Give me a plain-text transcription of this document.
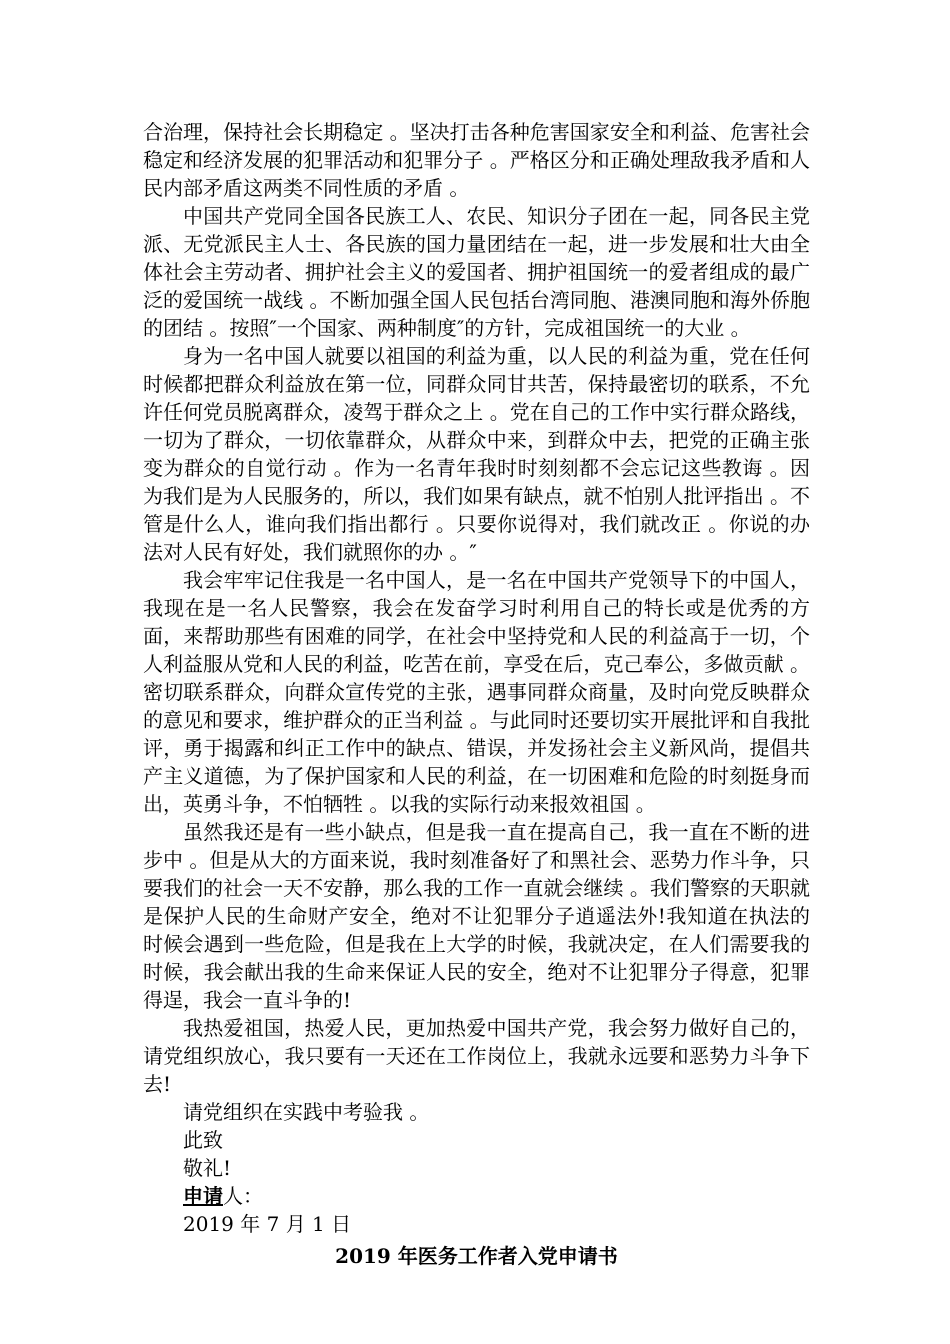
合治理，保持社会长期稳定 。坚决打击各种危害国家安全和利益、危害社会稳定和经济发展的犯罪活动和犯罪分子 。严格区分和正确处理敌我矛盾和人民内部矛盾这两类不同性质的矛盾 。

中国共产党同全国各民族工人、农民、知识分子团在一起，同各民主党派、无党派民主人士、各民族的国力量团结在一起，进一步发展和壮大由全体社会主劳动者、拥护社会主义的爱国者、拥护祖国统一的爱者组成的最广泛的爱国统一战线 。不断加强全国人民包括台湾同胞、港澳同胞和海外侨胞的团结 。按照″一个国家、两种制度″的方针，完成祖国统一的大业 。

身为一名中国人就要以祖国的利益为重，以人民的利益为重，党在任何时候都把群众利益放在第一位，同群众同甘共苦，保持最密切的联系，不允许任何党员脱离群众，凌驾于群众之上 。党在自己的工作中实行群众路线，一切为了群众，一切依靠群众，从群众中来，到群众中去，把党的正确主张变为群众的自觉行动 。作为一名青年我时时刻刻都不会忘记这些教诲 。因为我们是为人民服务的，所以，我们如果有缺点，就不怕别人批评指出 。不管是什么人，谁向我们指出都行 。只要你说得对，我们就改正 。你说的办法对人民有好处，我们就照你的办 。″

我会牢牢记住我是一名中国人，是一名在中国共产党领导下的中国人，我现在是一名人民警察，我会在发奋学习时利用自己的特长或是优秀的方面，来帮助那些有困难的同学，在社会中坚持党和人民的利益高于一切，个人利益服从党和人民的利益，吃苦在前，享受在后，克己奉公，多做贡献 。密切联系群众，向群众宣传党的主张，遇事同群众商量，及时向党反映群众的意见和要求，维护群众的正当利益 。与此同时还要切实开展批评和自我批评，勇于揭露和纠正工作中的缺点、错误，并发扬社会主义新风尚，提倡共产主义道德，为了保护国家和人民的利益，在一切困难和危险的时刻挺身而出，英勇斗争，不怕牺牲 。以我的实际行动来报效祖国 。

虽然我还是有一些小缺点，但是我一直在提高自己，我一直在不断的进步中 。但是从大的方面来说，我时刻准备好了和黑社会、恶势力作斗争，只要我们的社会一天不安静，那么我的工作一直就会继续 。我们警察的天职就是保护人民的生命财产安全，绝对不让犯罪分子逍遥法外!我知道在执法的时候会遇到一些危险，但是我在上大学的时候，我就决定，在人们需要我的时候，我会献出我的生命来保证人民的安全，绝对不让犯罪分子得意，犯罪得逞，我会一直斗争的!

我热爱祖国，热爱人民，更加热爱中国共产党，我会努力做好自己的，请党组织放心，我只要有一天还在工作岗位上，我就永远要和恶势力斗争下去!

请党组织在实践中考验我 。

此致

敬礼!

申请人：

2019 年 7 月 1 日

2019 年医务工作者入党申请书
